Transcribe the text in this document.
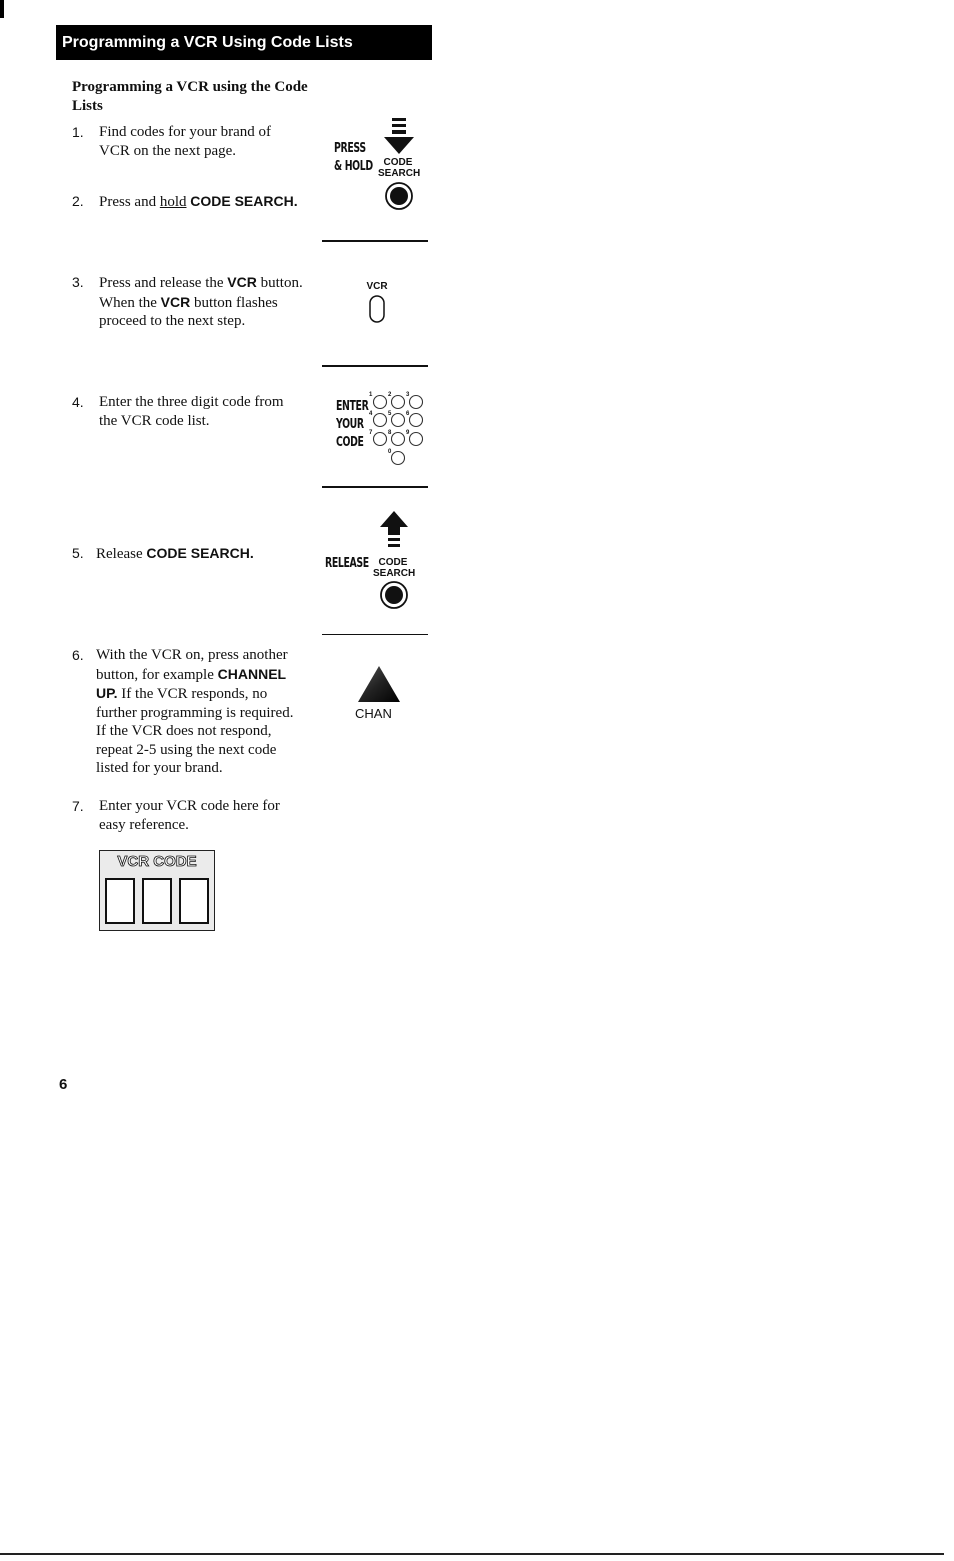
Programming a VCR Using Code Lists
Programming a VCR using the Code Lists
1. Find codes for your brand of VCR on the next page.
2. Press and hold CODE SEARCH.
3. Press and release the VCR button. When the VCR button flashes proceed to the next step.
4. Enter the three digit code from the VCR code list.
5. Release CODE SEARCH.
6. With the VCR on, press another button, for example CHANNEL UP. If the VCR responds, no further programming is required. If the VCR does not respond, repeat 2-5 using the next code listed for your brand.
7. Enter your VCR code here for easy reference.
PRESS
& HOLD	CODE
SEARCH
VCR
ENTER
YOUR
CODE
1	2 3
4	5 6
7	8 9
0
RELEASE CODE
SEARCH
CHAN
VCR CODE
6
